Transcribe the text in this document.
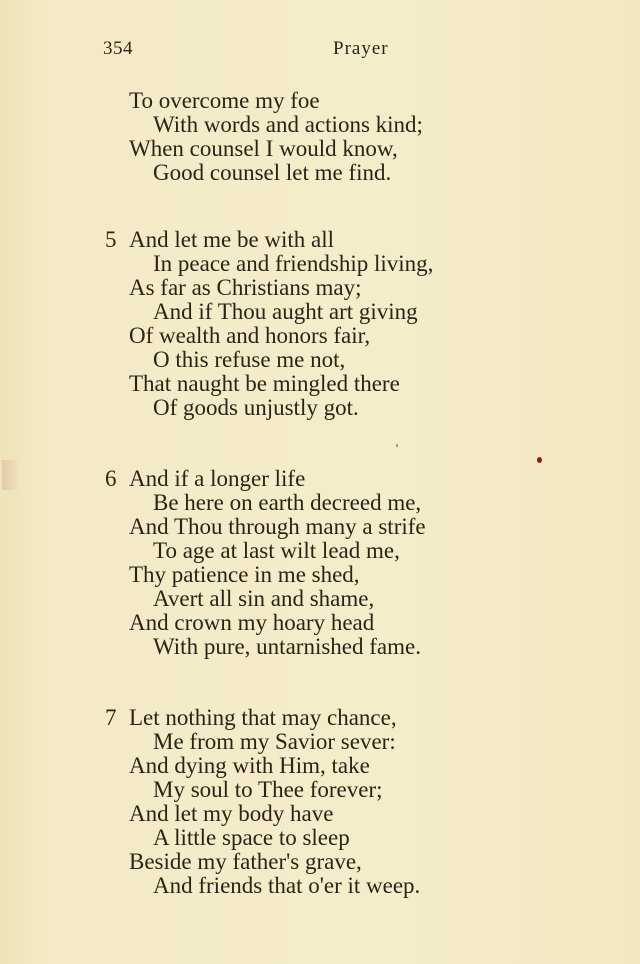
354	Prayer
To overcome my foe
With words and actions kind;
When counsel I would know,
Good counsel let me find.
5 And let me be with all
In peace and friendship living,
As far as Christians may;
And if Thou aught art giving
Of wealth and honors fair,
O this refuse me not,
That naught be mingled there
Of goods unjustly got.
6 And if a longer life
Be here on earth decreed me,
And Thou through many a strife
To age at last wilt lead me,
Thy patience in me shed,
Avert all sin and shame,
And crown my hoary head
With pure, untarnished fame.
7 Let nothing that may chance,
Me from my Savior sever:
And dying with Him, take
My soul to Thee forever;
And let my body have
A little space to sleep
Beside my father's grave,
And friends that o'er it weep.
